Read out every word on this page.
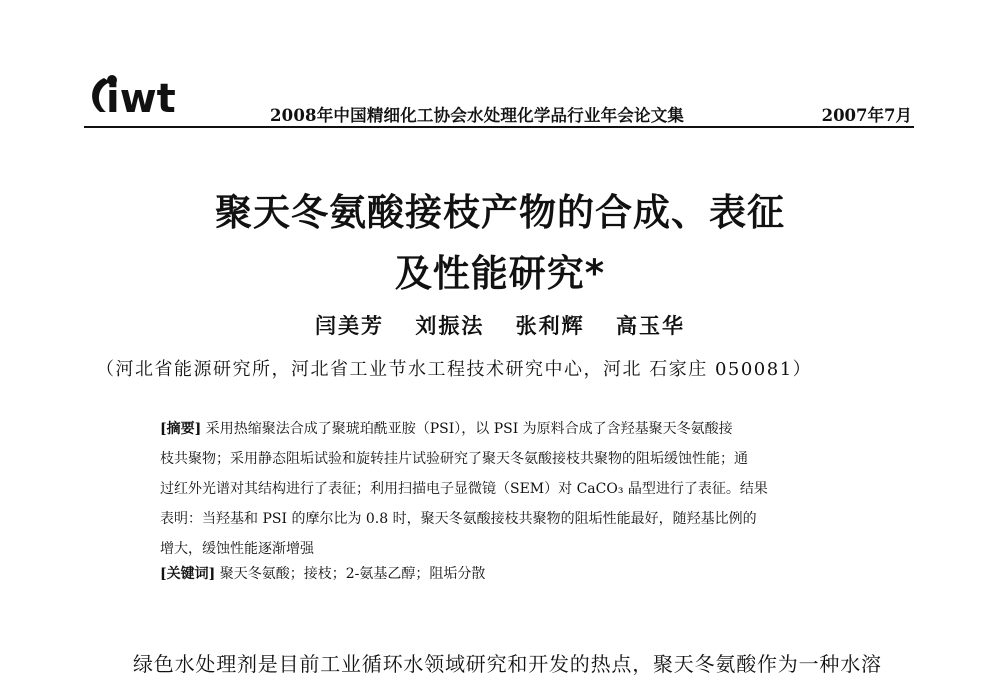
iwt	2008年中国精细化工协会水处理化学品行业年会论文集	2007年7月
聚天冬氨酸接枝产物的合成、表征
及性能研究*
闫美芳 刘振法 张利辉 高玉华
（河北省能源研究所，河北省工业节水工程技术研究中心，河北 石家庄 050081）
[摘要] 采用热缩聚法合成了聚琥珀酰亚胺（PSI），以 PSI 为原料合成了含羟基聚天冬氨酸接
枝共聚物；采用静态阻垢试验和旋转挂片试验研究了聚天冬氨酸接枝共聚物的阻垢缓蚀性能；通
过红外光谱对其结构进行了表征；利用扫描电子显微镜（SEM）对 CaCO₃ 晶型进行了表征。结果
表明：当羟基和 PSI 的摩尔比为 0.8 时，聚天冬氨酸接枝共聚物的阻垢性能最好，随羟基比例的
增大，缓蚀性能逐渐增强
[关键词] 聚天冬氨酸；接枝；2-氨基乙醇；阻垢分散
绿色水处理剂是目前工业循环水领域研究和开发的热点，聚天冬氨酸作为一种水溶
